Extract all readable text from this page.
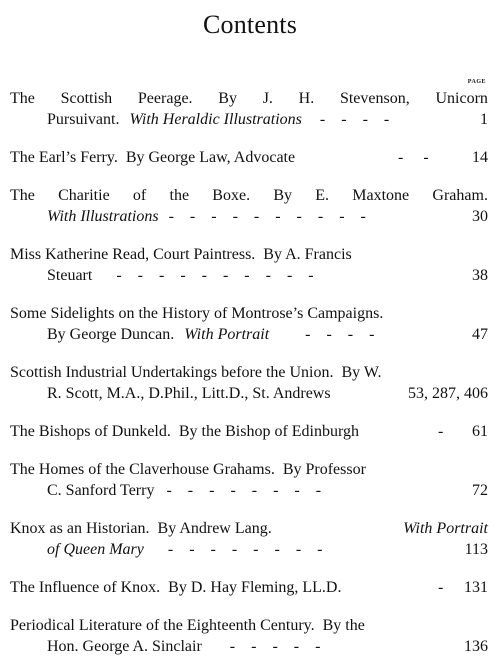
Contents
PAGE
The Scottish Peerage. By J. H. Stevenson, Unicorn
Pursuivant. With Heraldic Illustrations -    -    -    -	1
The Earl’s Ferry.  By George Law, Advocate	-     -	14
The Charitie of the Boxe. By E. Maxtone Graham.
With Illustrations -    -    -    -    -    -    -    -    -    -	30
Miss Katherine Read, Court Paintress.  By A. Francis
Steuart -    -    -    -    -    -    -    -    -    -	38
Some Sidelights on the History of Montrose’s Campaigns.
By George Duncan. With Portrait -    -    -    -	47
Scottish Industrial Undertakings before the Union.  By W.
R. Scott, M.A., D.Phil., Litt.D., St. Andrews	53, 287, 406
The Bishops of Dunkeld.  By the Bishop of Edinburgh	- 61
The Homes of the Claverhouse Grahams.  By Professor
C. Sanford Terry -    -    -    -    -    -    -    -	72
Knox as an Historian.  By Andrew Lang.	With Portrait
of Queen Mary -    -    -    -    -    -    -    -	113
The Influence of Knox.  By D. Hay Fleming, LL.D.	- 131
Periodical Literature of the Eighteenth Century.  By the
Hon. George A. Sinclair -    -    -    -    -	136
